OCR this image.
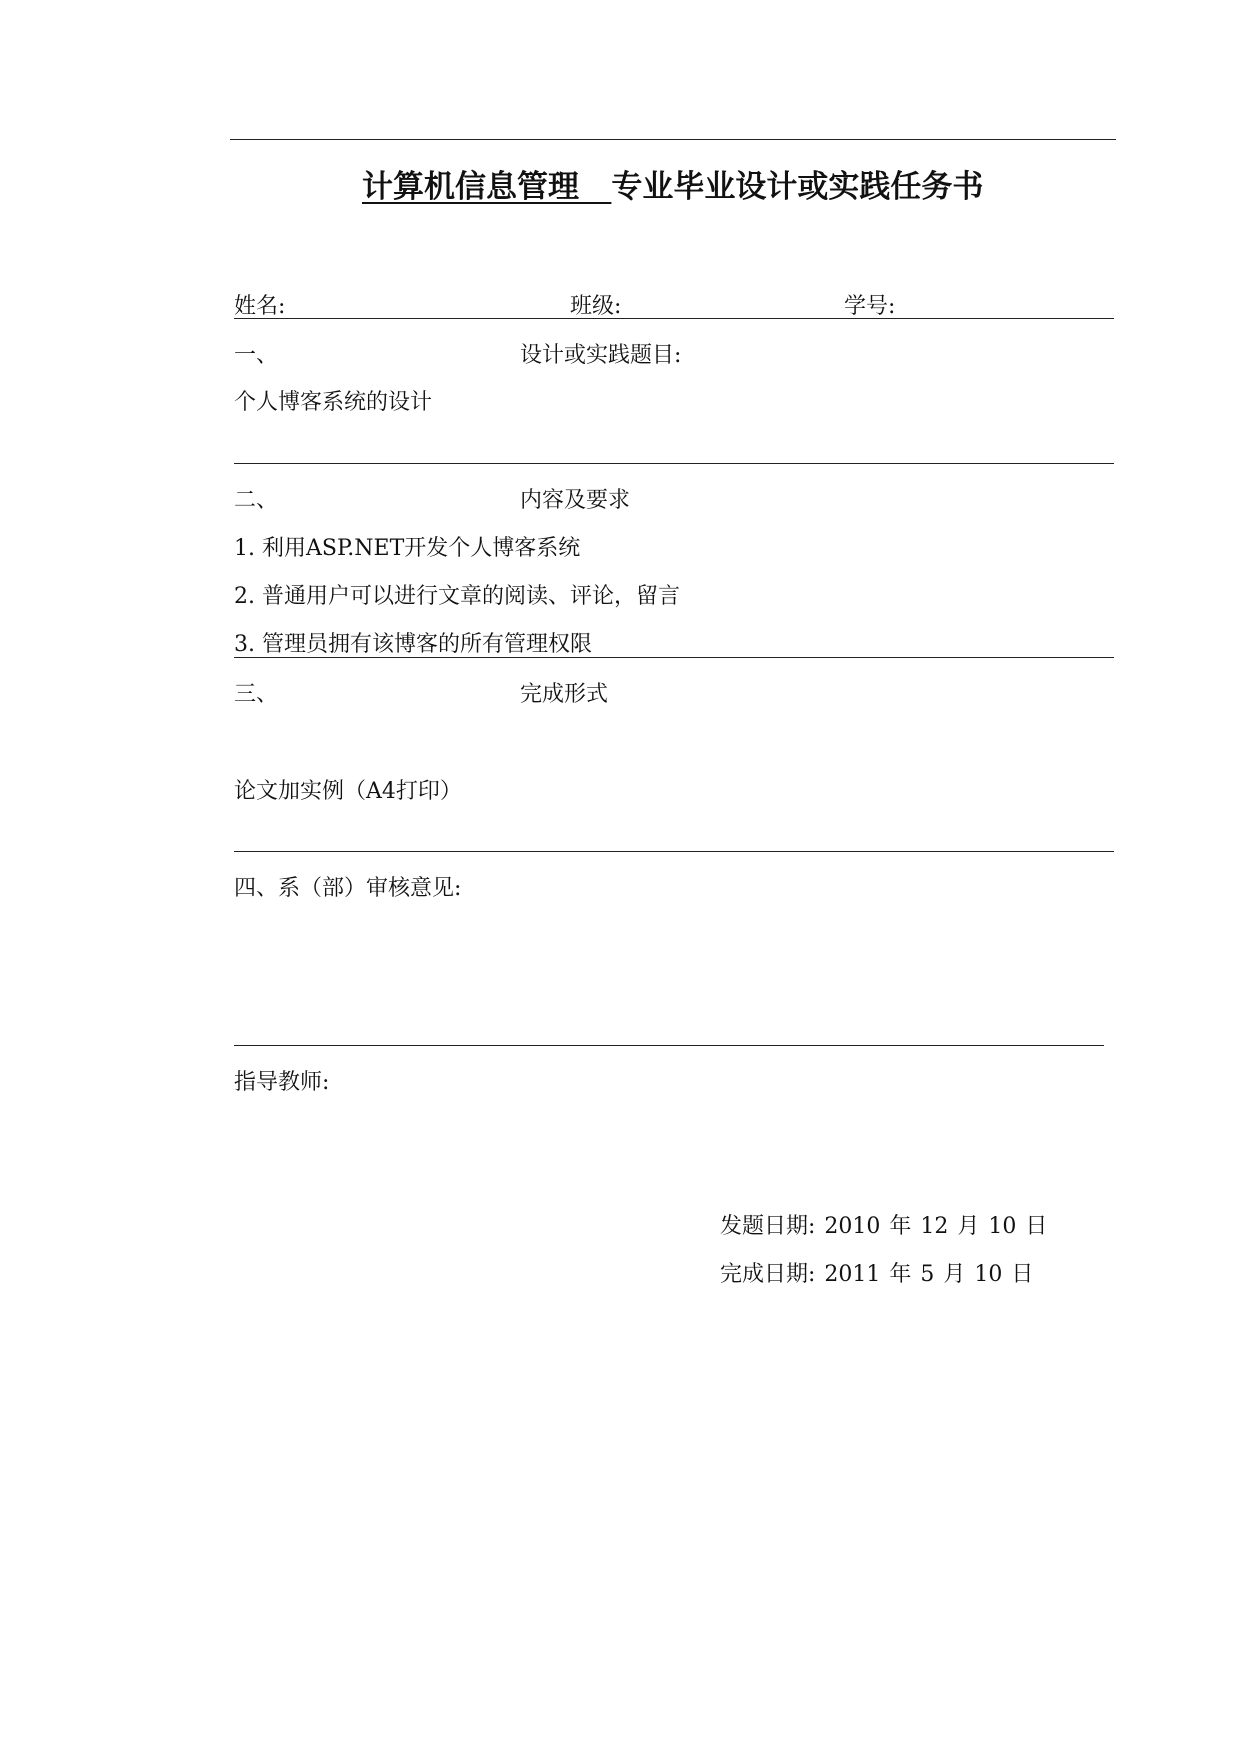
计算机信息管理 专业毕业设计或实践任务书
姓名:	班级:	学号:
一、	设计或实践题目:
个人博客系统的设计
二、	内容及要求
1. 利用ASP.NET开发个人博客系统
2. 普通用户可以进行文章的阅读、评论，留言
3. 管理员拥有该博客的所有管理权限
三、	完成形式
论文加实例（A4打印）
四、系（部）审核意见:
指导教师:
发题日期: 2010 年 12 月 10 日
完成日期: 2011 年 5 月 10 日
